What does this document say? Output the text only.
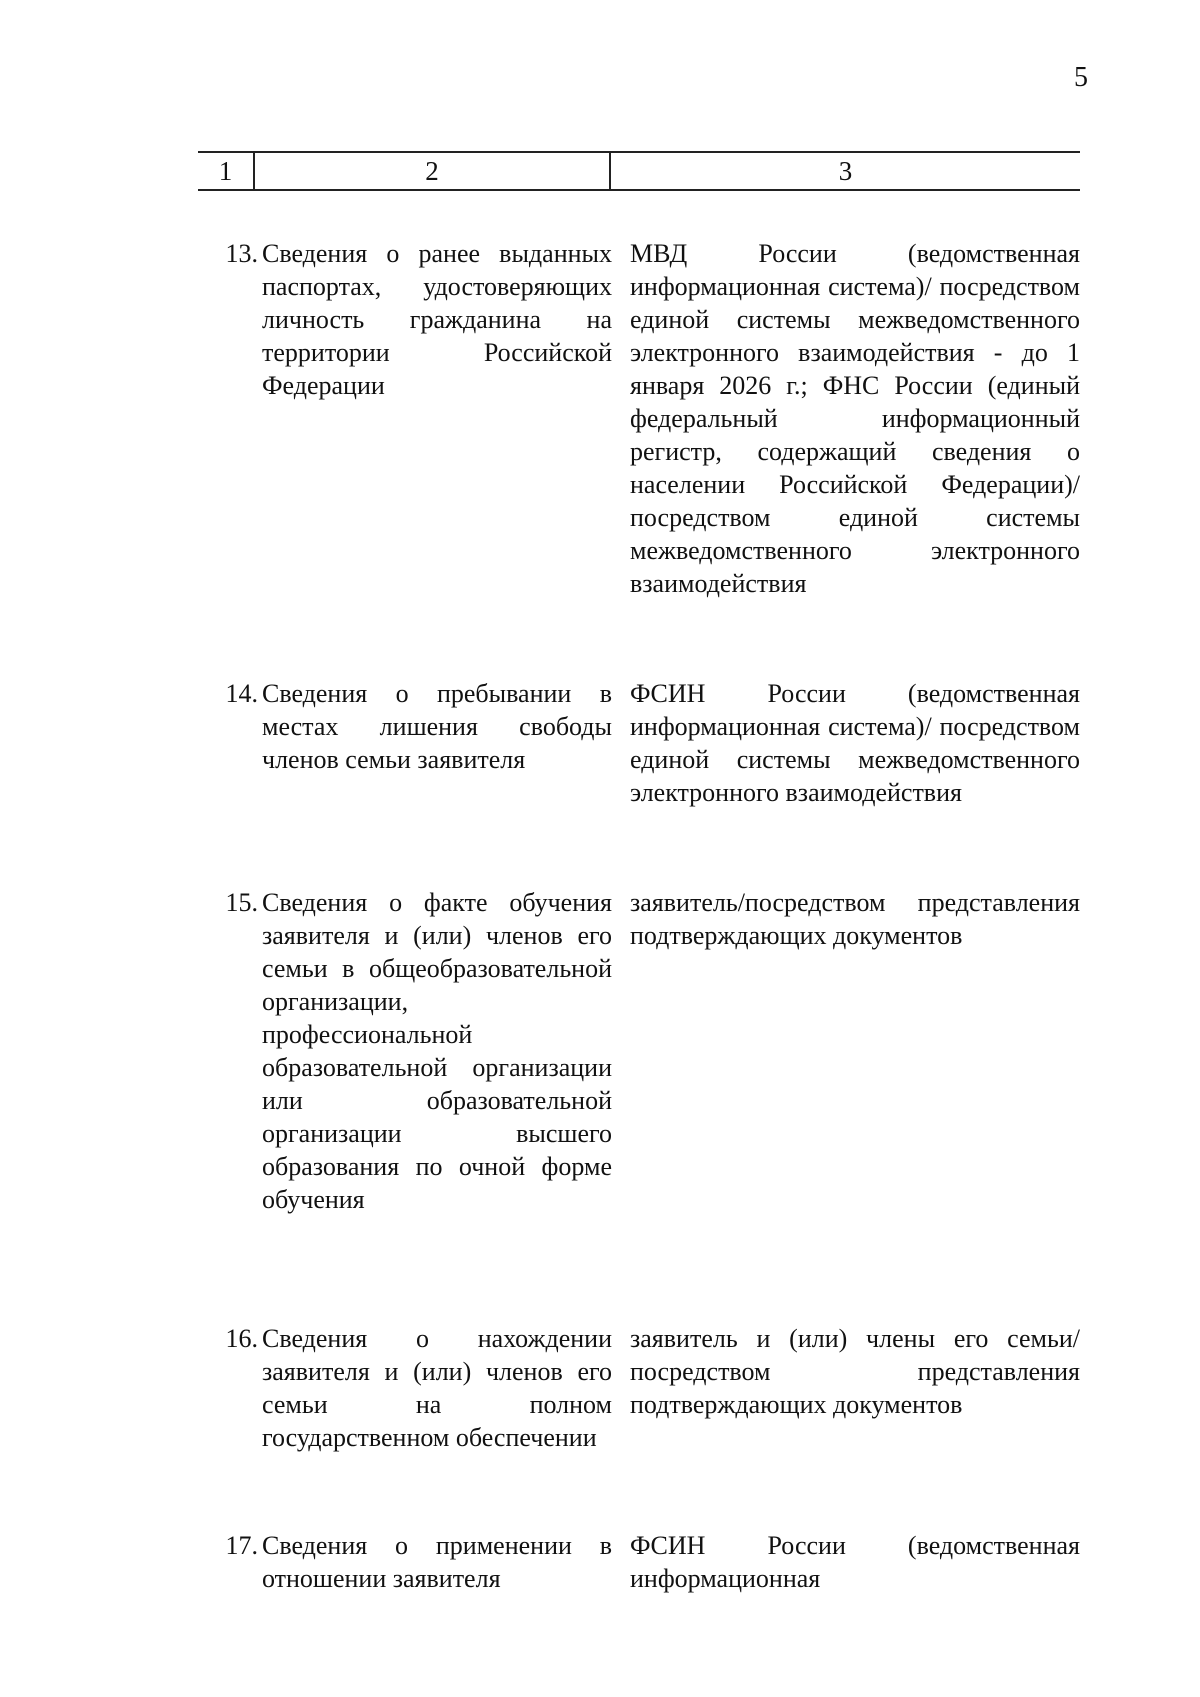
5
1	2	3
13. Сведения о ранее выданных паспортах, удостоверяющих личность гражданина на территории Российской Федерации
МВД России (ведомственная информационная система)/ посредством единой системы межведомственного электронного взаимодействия - до 1 января 2026 г.; ФНС России (единый федеральный информационный регистр, содержащий сведения о населении Российской Федерации)/посредством единой системы межведомственного электронного взаимодействия
14. Сведения о пребывании в местах лишения свободы членов семьи заявителя
ФСИН России (ведомственная информационная система)/ посредством единой системы межведомственного электронного взаимодействия
15. Сведения о факте обучения заявителя и (или) членов его семьи в общеобразовательной организации, профессиональной образовательной организации или образовательной организации высшего образования по очной форме обучения
заявитель/посредством представления подтверждающих документов
16. Сведения о нахождении заявителя и (или) членов его семьи на полном государственном обеспечении
заявитель и (или) члены его семьи/посредством представления подтверждающих документов
17. Сведения о применении в отношении заявителя
ФСИН России (ведомственная информационная
